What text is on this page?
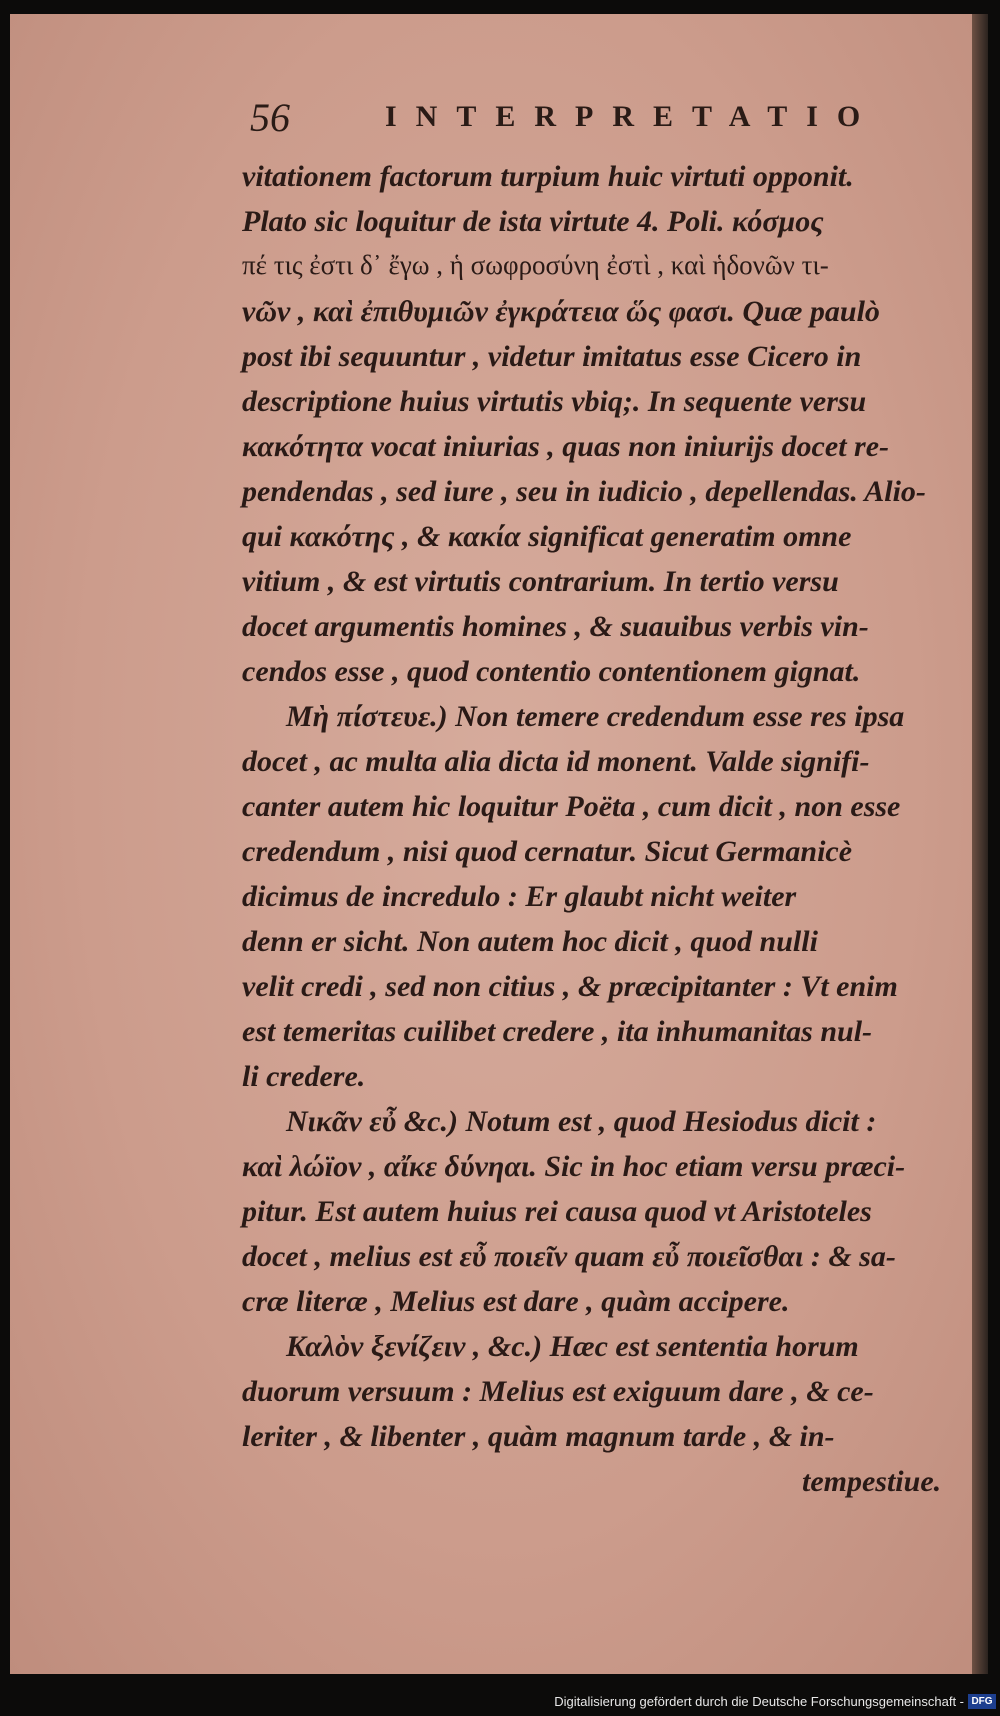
56	INTERPRETATIO
vitationem factorum turpium huic virtuti opponit.
Plato sic loquitur de ista virtute 4. Poli. κόσμος
πέ τις ἐστι δ᾽ ἔγω , ἡ σωφροσύνη ἐστὶ , καὶ ἡδονῶν τι-
νῶν , καὶ ἐπιθυμιῶν ἐγκράτεια ὥς φασι. Quæ paulò
post ibi sequuntur , videtur imitatus esse Cicero in
descriptione huius virtutis vbiq;. In sequente versu
κακότητα vocat iniurias , quas non iniurijs docet re-
pendendas , sed iure , seu in iudicio , depellendas. Alio-
qui κακότης , & κακία significat generatim omne
vitium , & est virtutis contrarium. In tertio versu
docet argumentis homines , & suauibus verbis vin-
cendos esse , quod contentio contentionem gignat.
Μὴ πίστευε.) Non temere credendum esse res ipsa
docet , ac multa alia dicta id monent. Valde signifi-
canter autem hic loquitur Poëta , cum dicit , non esse
credendum , nisi quod cernatur. Sicut Germanicè
dicimus de incredulo : Er glaubt nicht weiter
denn er sicht. Non autem hoc dicit , quod nulli
velit credi , sed non citius , & præcipitanter : Vt enim
est temeritas cuilibet credere , ita inhumanitas nul-
li credere.
Νικᾶν εὖ &c.) Notum est , quod Hesiodus dicit :
καὶ λώϊον , αἴκε δύνηαι. Sic in hoc etiam versu præci-
pitur. Est autem huius rei causa quod vt Aristoteles
docet , melius est εὖ ποιεῖν quam εὖ ποιεῖσθαι : & sa-
cræ literæ , Melius est dare , quàm accipere.
Καλὸν ξενίζειν , &c.) Hæc est sententia horum
duorum versuum : Melius est exiguum dare , & ce-
leriter , & libenter , quàm magnum tarde , & in-
tempestiue.
Digitalisierung gefördert durch die Deutsche Forschungsgemeinschaft - DFG
